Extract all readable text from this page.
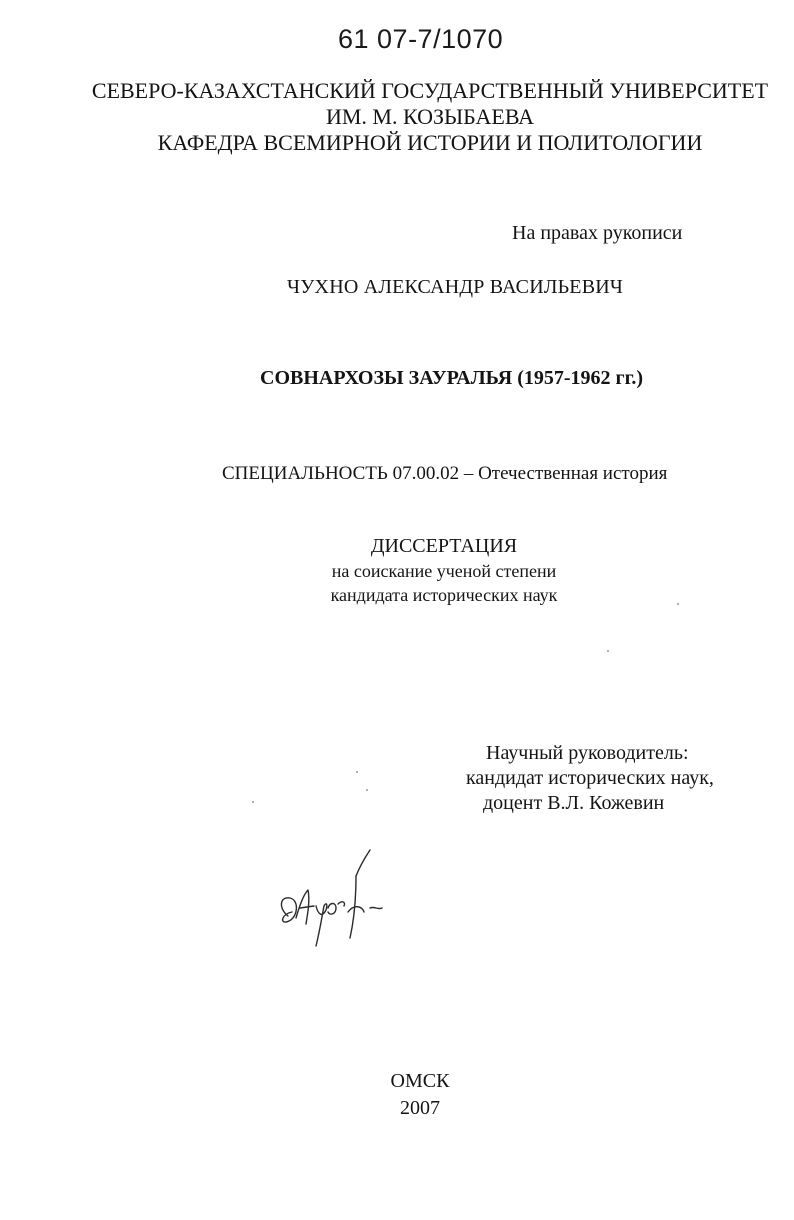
61 07-7/1070
СЕВЕРО-КАЗАХСТАНСКИЙ ГОСУДАРСТВЕННЫЙ УНИВЕРСИТЕТ
ИМ. М. КОЗЫБАЕВА
КАФЕДРА ВСЕМИРНОЙ ИСТОРИИ И ПОЛИТОЛОГИИ
На правах рукописи
ЧУХНО АЛЕКСАНДР ВАСИЛЬЕВИЧ
СОВНАРХОЗЫ ЗАУРАЛЬЯ (1957-1962 гг.)
СПЕЦИАЛЬНОСТЬ 07.00.02 – Отечественная история
ДИССЕРТАЦИЯ
на соискание ученой степени
кандидата исторических наук
Научный руководитель:
кандидат исторических наук,
доцент В.Л. Кожевин
ОМСК
2007
